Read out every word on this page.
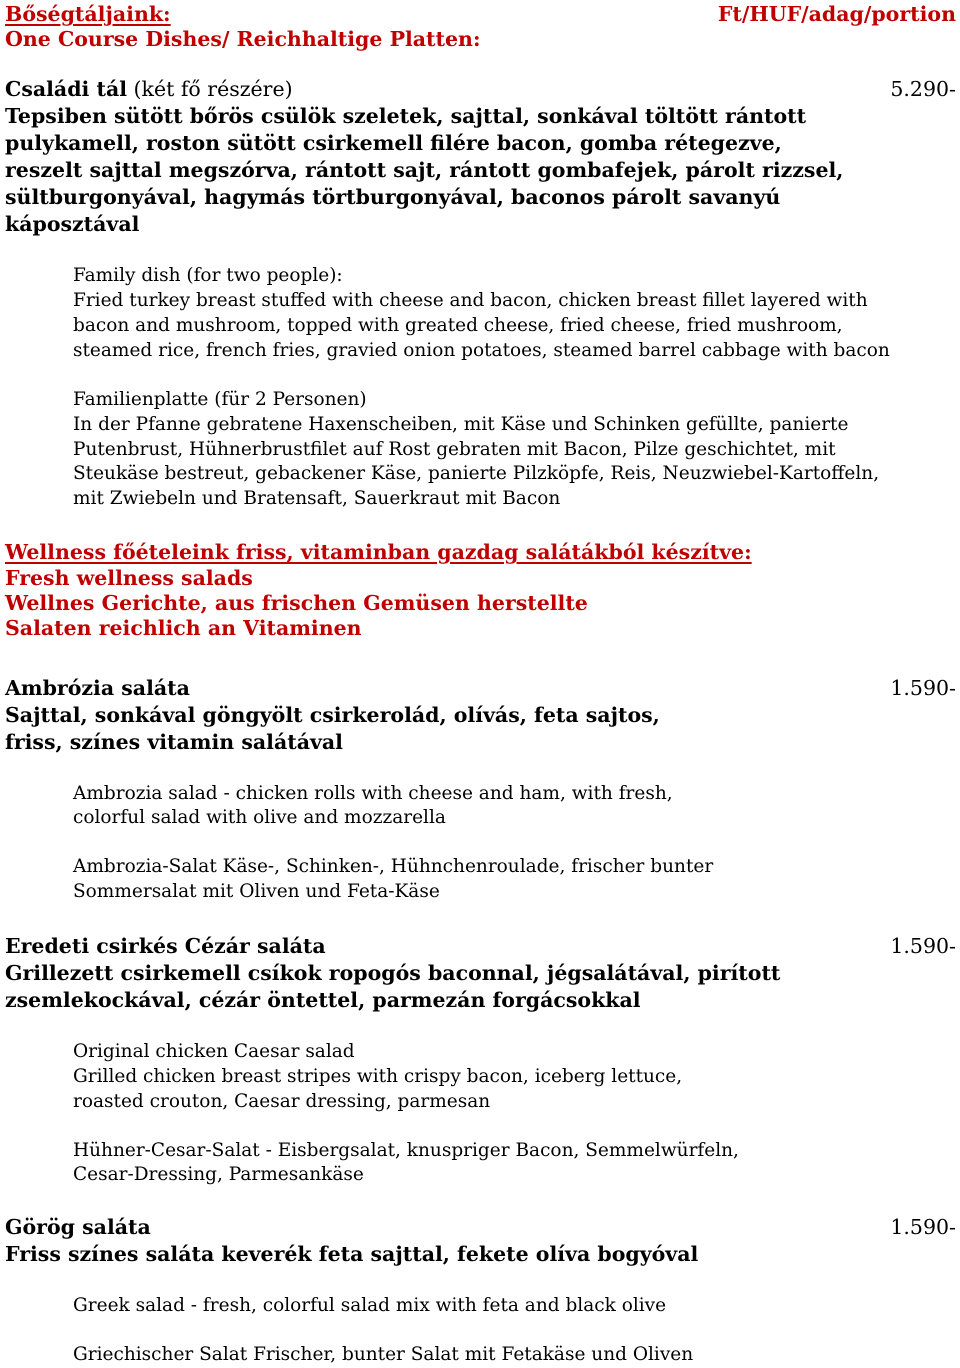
Bőségtáljaink:	Ft/HUF/adag/portion
One Course Dishes/ Reichhaltige Platten:
Családi tál (két fő részére)	5.290-
Tepsiben sütött bőrös csülök szeletek, sajttal, sonkával töltött rántott
pulykamell, roston sütött csirkemell filére bacon, gomba rétegezve,
reszelt sajttal megszórva, rántott sajt, rántott gombafejek, párolt rizzsel,
sültburgonyával, hagymás törtburgonyával, baconos párolt savanyú
káposztával
Family dish (for two people):
Fried turkey breast stuffed with cheese and bacon, chicken breast fillet layered with
bacon and mushroom, topped with greated cheese, fried cheese, fried mushroom,
steamed rice, french fries, gravied onion potatoes, steamed barrel cabbage with bacon
Familienplatte (für 2 Personen)
In der Pfanne gebratene Haxenscheiben, mit Käse und Schinken gefüllte, panierte
Putenbrust, Hühnerbrustfilet auf Rost gebraten mit Bacon, Pilze geschichtet, mit
Steukäse bestreut, gebackener Käse, panierte Pilzköpfe, Reis, Neuzwiebel-Kartoffeln,
mit Zwiebeln und Bratensaft, Sauerkraut mit Bacon
Wellness főételeink friss, vitaminban gazdag salátákból készítve:
Fresh wellness salads
Wellnes Gerichte, aus frischen Gemüsen herstellte
Salaten reichlich an Vitaminen
Ambrózia saláta	1.590-
Sajttal, sonkával göngyölt csirkerolád, olívás, feta sajtos,
friss, színes vitamin salátával
Ambrozia salad - chicken rolls with cheese and ham, with fresh,
colorful salad with olive and mozzarella
Ambrozia-Salat Käse-, Schinken-, Hühnchenroulade, frischer bunter
Sommersalat mit Oliven und Feta-Käse
Eredeti csirkés Cézár saláta	1.590-
Grillezett csirkemell csíkok ropogós baconnal, jégsalátával, pirított
zsemlekockával, cézár öntettel, parmezán forgácsokkal
Original chicken Caesar salad
Grilled chicken breast stripes with crispy bacon, iceberg lettuce,
roasted crouton, Caesar dressing, parmesan
Hühner-Cesar-Salat - Eisbergsalat, knuspriger Bacon, Semmelwürfeln,
Cesar-Dressing, Parmesankäse
Görög saláta	1.590-
Friss színes saláta keverék feta sajttal, fekete olíva bogyóval
Greek salad - fresh, colorful salad mix with feta and black olive
Griechischer Salat Frischer, bunter Salat mit Fetakäse und Oliven
